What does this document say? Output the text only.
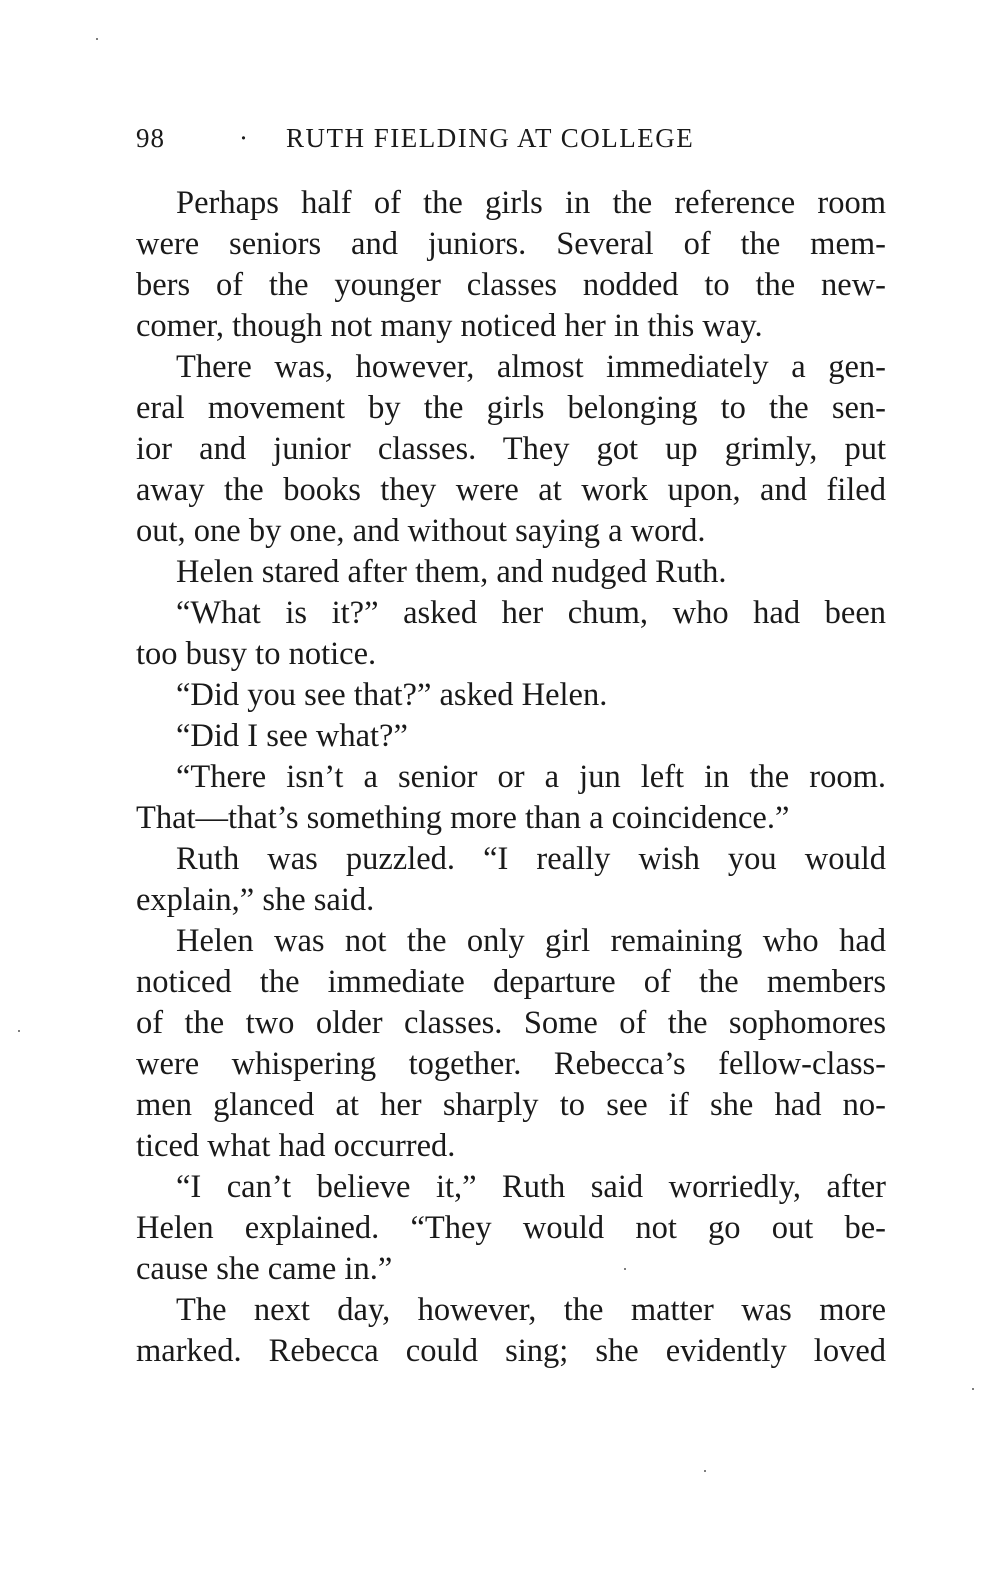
98	· RUTH FIELDING AT COLLEGE
Perhaps half of the girls in the reference room
were seniors and juniors. Several of the mem-
bers of the younger classes nodded to the new-
comer, though not many noticed her in this way.
There was, however, almost immediately a gen-
eral movement by the girls belonging to the sen-
ior and junior classes. They got up grimly, put
away the books they were at work upon, and filed
out, one by one, and without saying a word.
Helen stared after them, and nudged Ruth.
“What is it?” asked her chum, who had been
too busy to notice.
“Did you see that?” asked Helen.
“Did I see what?”
“There isn’t a senior or a jun left in the room.
That—that’s something more than a coincidence.”
Ruth was puzzled. “I really wish you would
explain,” she said.
Helen was not the only girl remaining who had
noticed the immediate departure of the members
of the two older classes. Some of the sophomores
were whispering together. Rebecca’s fellow-class-
men glanced at her sharply to see if she had no-
ticed what had occurred.
“I can’t believe it,” Ruth said worriedly, after
Helen explained. “They would not go out be-
cause she came in.”
The next day, however, the matter was more
marked. Rebecca could sing; she evidently loved
